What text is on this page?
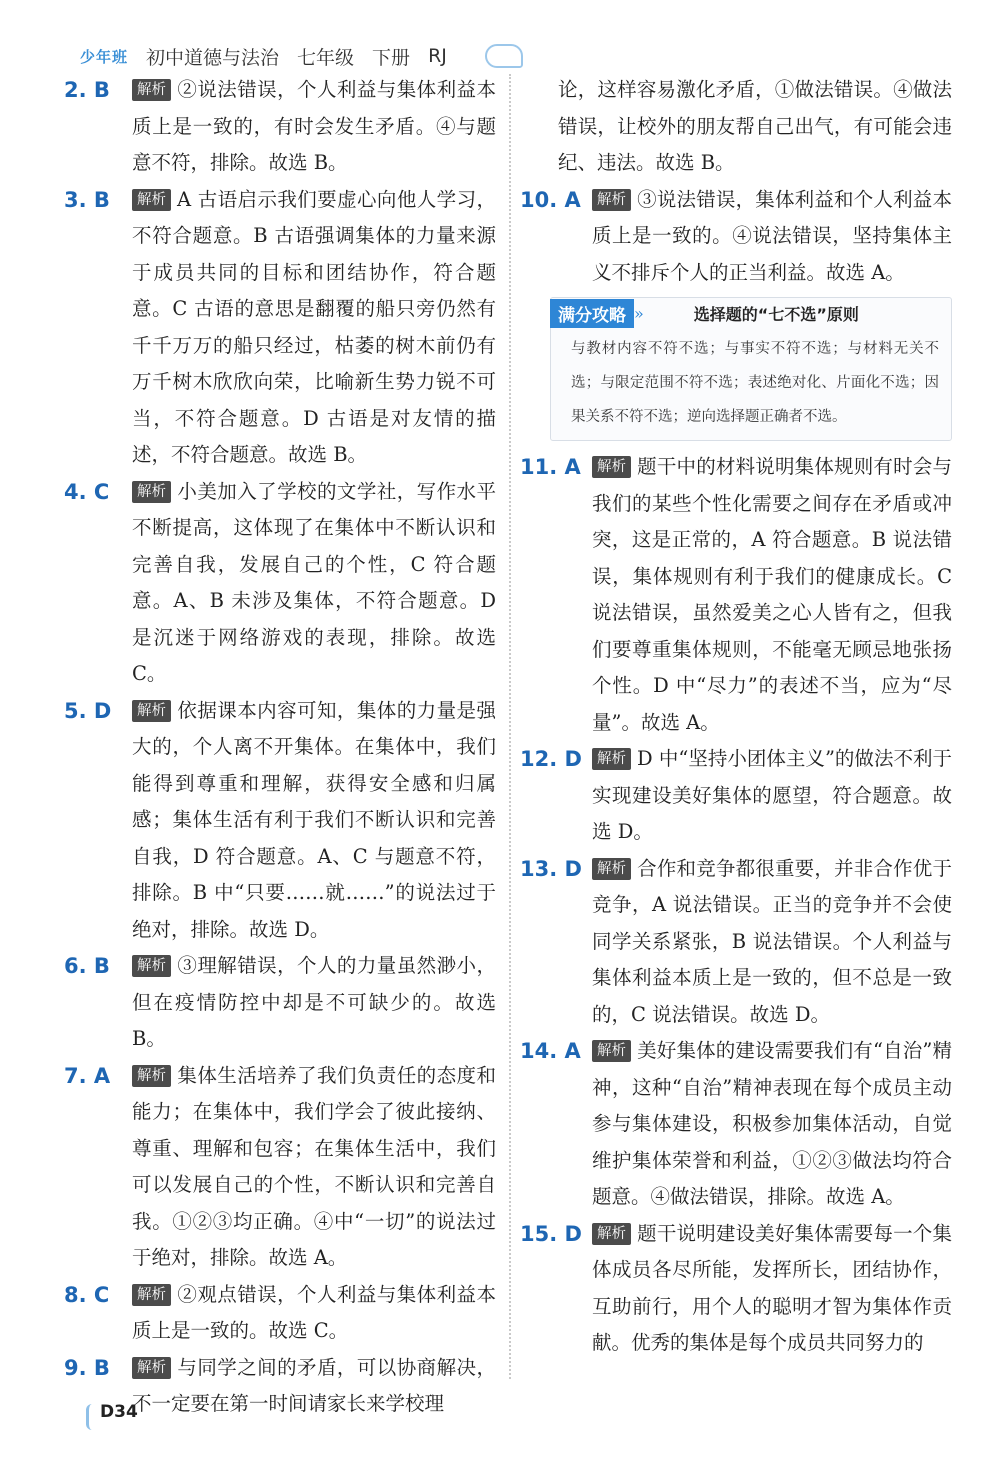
少年班 初中道德与法治 七年级 下册 RJ
2. B	解析 ②说法错误，个人利益与集体利益本质上是一致的，有时会发生矛盾。④与题意不符，排除。故选 B。
3. B	解析 A 古语启示我们要虚心向他人学习，不符合题意。B 古语强调集体的力量来源于成员共同的目标和团结协作，符合题意。C 古语的意思是翻覆的船只旁仍然有千千万万的船只经过，枯萎的树木前仍有万千树木欣欣向荣，比喻新生势力锐不可当，不符合题意。D 古语是对友情的描述，不符合题意。故选 B。
4. C	解析 小美加入了学校的文学社，写作水平不断提高，这体现了在集体中不断认识和完善自我，发展自己的个性，C 符合题意。A、B 未涉及集体，不符合题意。D 是沉迷于网络游戏的表现，排除。故选 C。
5. D	解析 依据课本内容可知，集体的力量是强大的，个人离不开集体。在集体中，我们能得到尊重和理解，获得安全感和归属感；集体生活有利于我们不断认识和完善自我，D 符合题意。A、C 与题意不符，排除。B 中“只要……就……”的说法过于绝对，排除。故选 D。
6. B	解析 ③理解错误，个人的力量虽然渺小，但在疫情防控中却是不可缺少的。故选 B。
7. A	解析 集体生活培养了我们负责任的态度和能力；在集体中，我们学会了彼此接纳、尊重、理解和包容；在集体生活中，我们可以发展自己的个性，不断认识和完善自我。①②③均正确。④中“一切”的说法过于绝对，排除。故选 A。
8. C	解析 ②观点错误，个人利益与集体利益本质上是一致的。故选 C。
9. B	解析 与同学之间的矛盾，可以协商解决，不一定要在第一时间请家长来学校理
论，这样容易激化矛盾，①做法错误。④做法错误，让校外的朋友帮自己出气，有可能会违纪、违法。故选 B。
10. A	解析 ③说法错误，集体利益和个人利益本质上是一致的。④说法错误，坚持集体主义不排斥个人的正当利益。故选 A。
满分攻略 »	选择题的“七不选”原则
与教材内容不符不选；与事实不符不选；与材料无关不选；与限定范围不符不选；表述绝对化、片面化不选；因果关系不符不选；逆向选择题正确者不选。
11. A	解析 题干中的材料说明集体规则有时会与我们的某些个性化需要之间存在矛盾或冲突，这是正常的，A 符合题意。B 说法错误，集体规则有利于我们的健康成长。C 说法错误，虽然爱美之心人皆有之，但我们要尊重集体规则，不能毫无顾忌地张扬个性。D 中“尽力”的表述不当，应为“尽量”。故选 A。
12. D	解析 D 中“坚持小团体主义”的做法不利于实现建设美好集体的愿望，符合题意。故选 D。
13. D	解析 合作和竞争都很重要，并非合作优于竞争，A 说法错误。正当的竞争并不会使同学关系紧张，B 说法错误。个人利益与集体利益本质上是一致的，但不总是一致的，C 说法错误。故选 D。
14. A	解析 美好集体的建设需要我们有“自治”精神，这种“自治”精神表现在每个成员主动参与集体建设，积极参加集体活动，自觉维护集体荣誉和利益，①②③做法均符合题意。④做法错误，排除。故选 A。
15. D	解析 题干说明建设美好集体需要每一个集体成员各尽所能，发挥所长，团结协作，互助前行，用个人的聪明才智为集体作贡献。优秀的集体是每个成员共同努力的
D34
